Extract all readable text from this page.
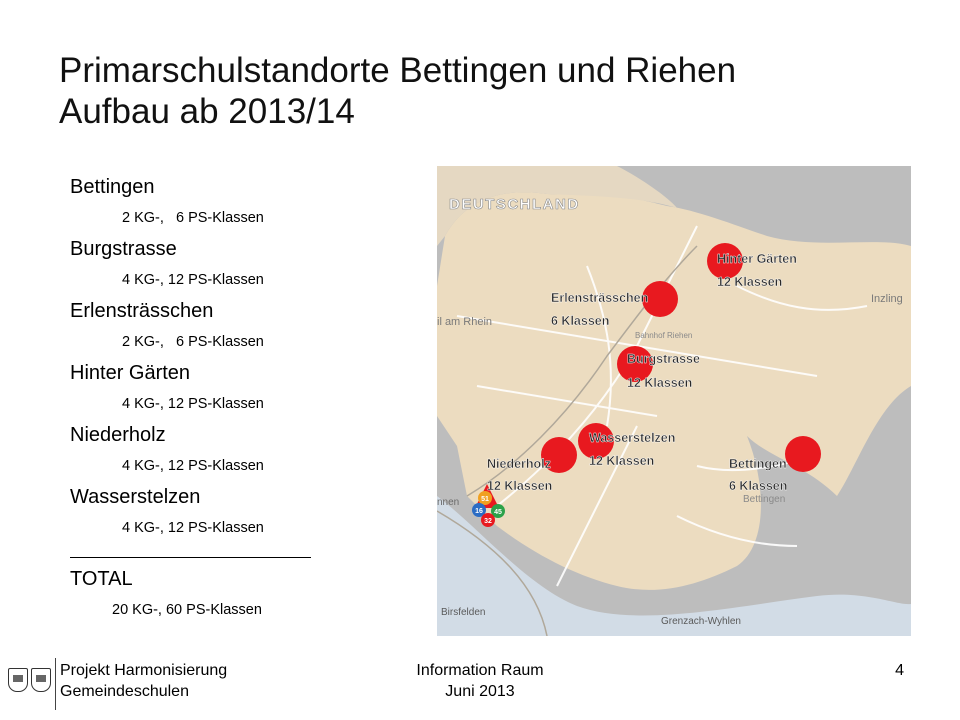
Primarschulstandorte Bettingen und Riehen
Aufbau ab 2013/14
Bettingen
2 KG-,   6 PS-Klassen
Burgstrasse
4 KG-, 12 PS-Klassen
Erlensträsschen
2 KG-,   6 PS-Klassen
Hinter Gärten
4 KG-, 12 PS-Klassen
Niederholz
4 KG-, 12 PS-Klassen
Wasserstelzen
4 KG-, 12 PS-Klassen
TOTAL
20 KG-, 60 PS-Klassen
DEUTSCHLAND
Inzling
il am Rhein
Bahnhof Riehen
Bettingen
Birsfelden
Grenzach-Wyhlen
nnen	51
16 45
32
Hinter Gärten
12 Klassen
Erlensträsschen
6 Klassen
Burgstrasse
12 Klassen
Wasserstelzen
12 Klassen
Niederholz
12 Klassen
Bettingen
6 Klassen
Projekt Harmonisierung
Gemeindeschulen
Information Raum
Juni 2013
4
